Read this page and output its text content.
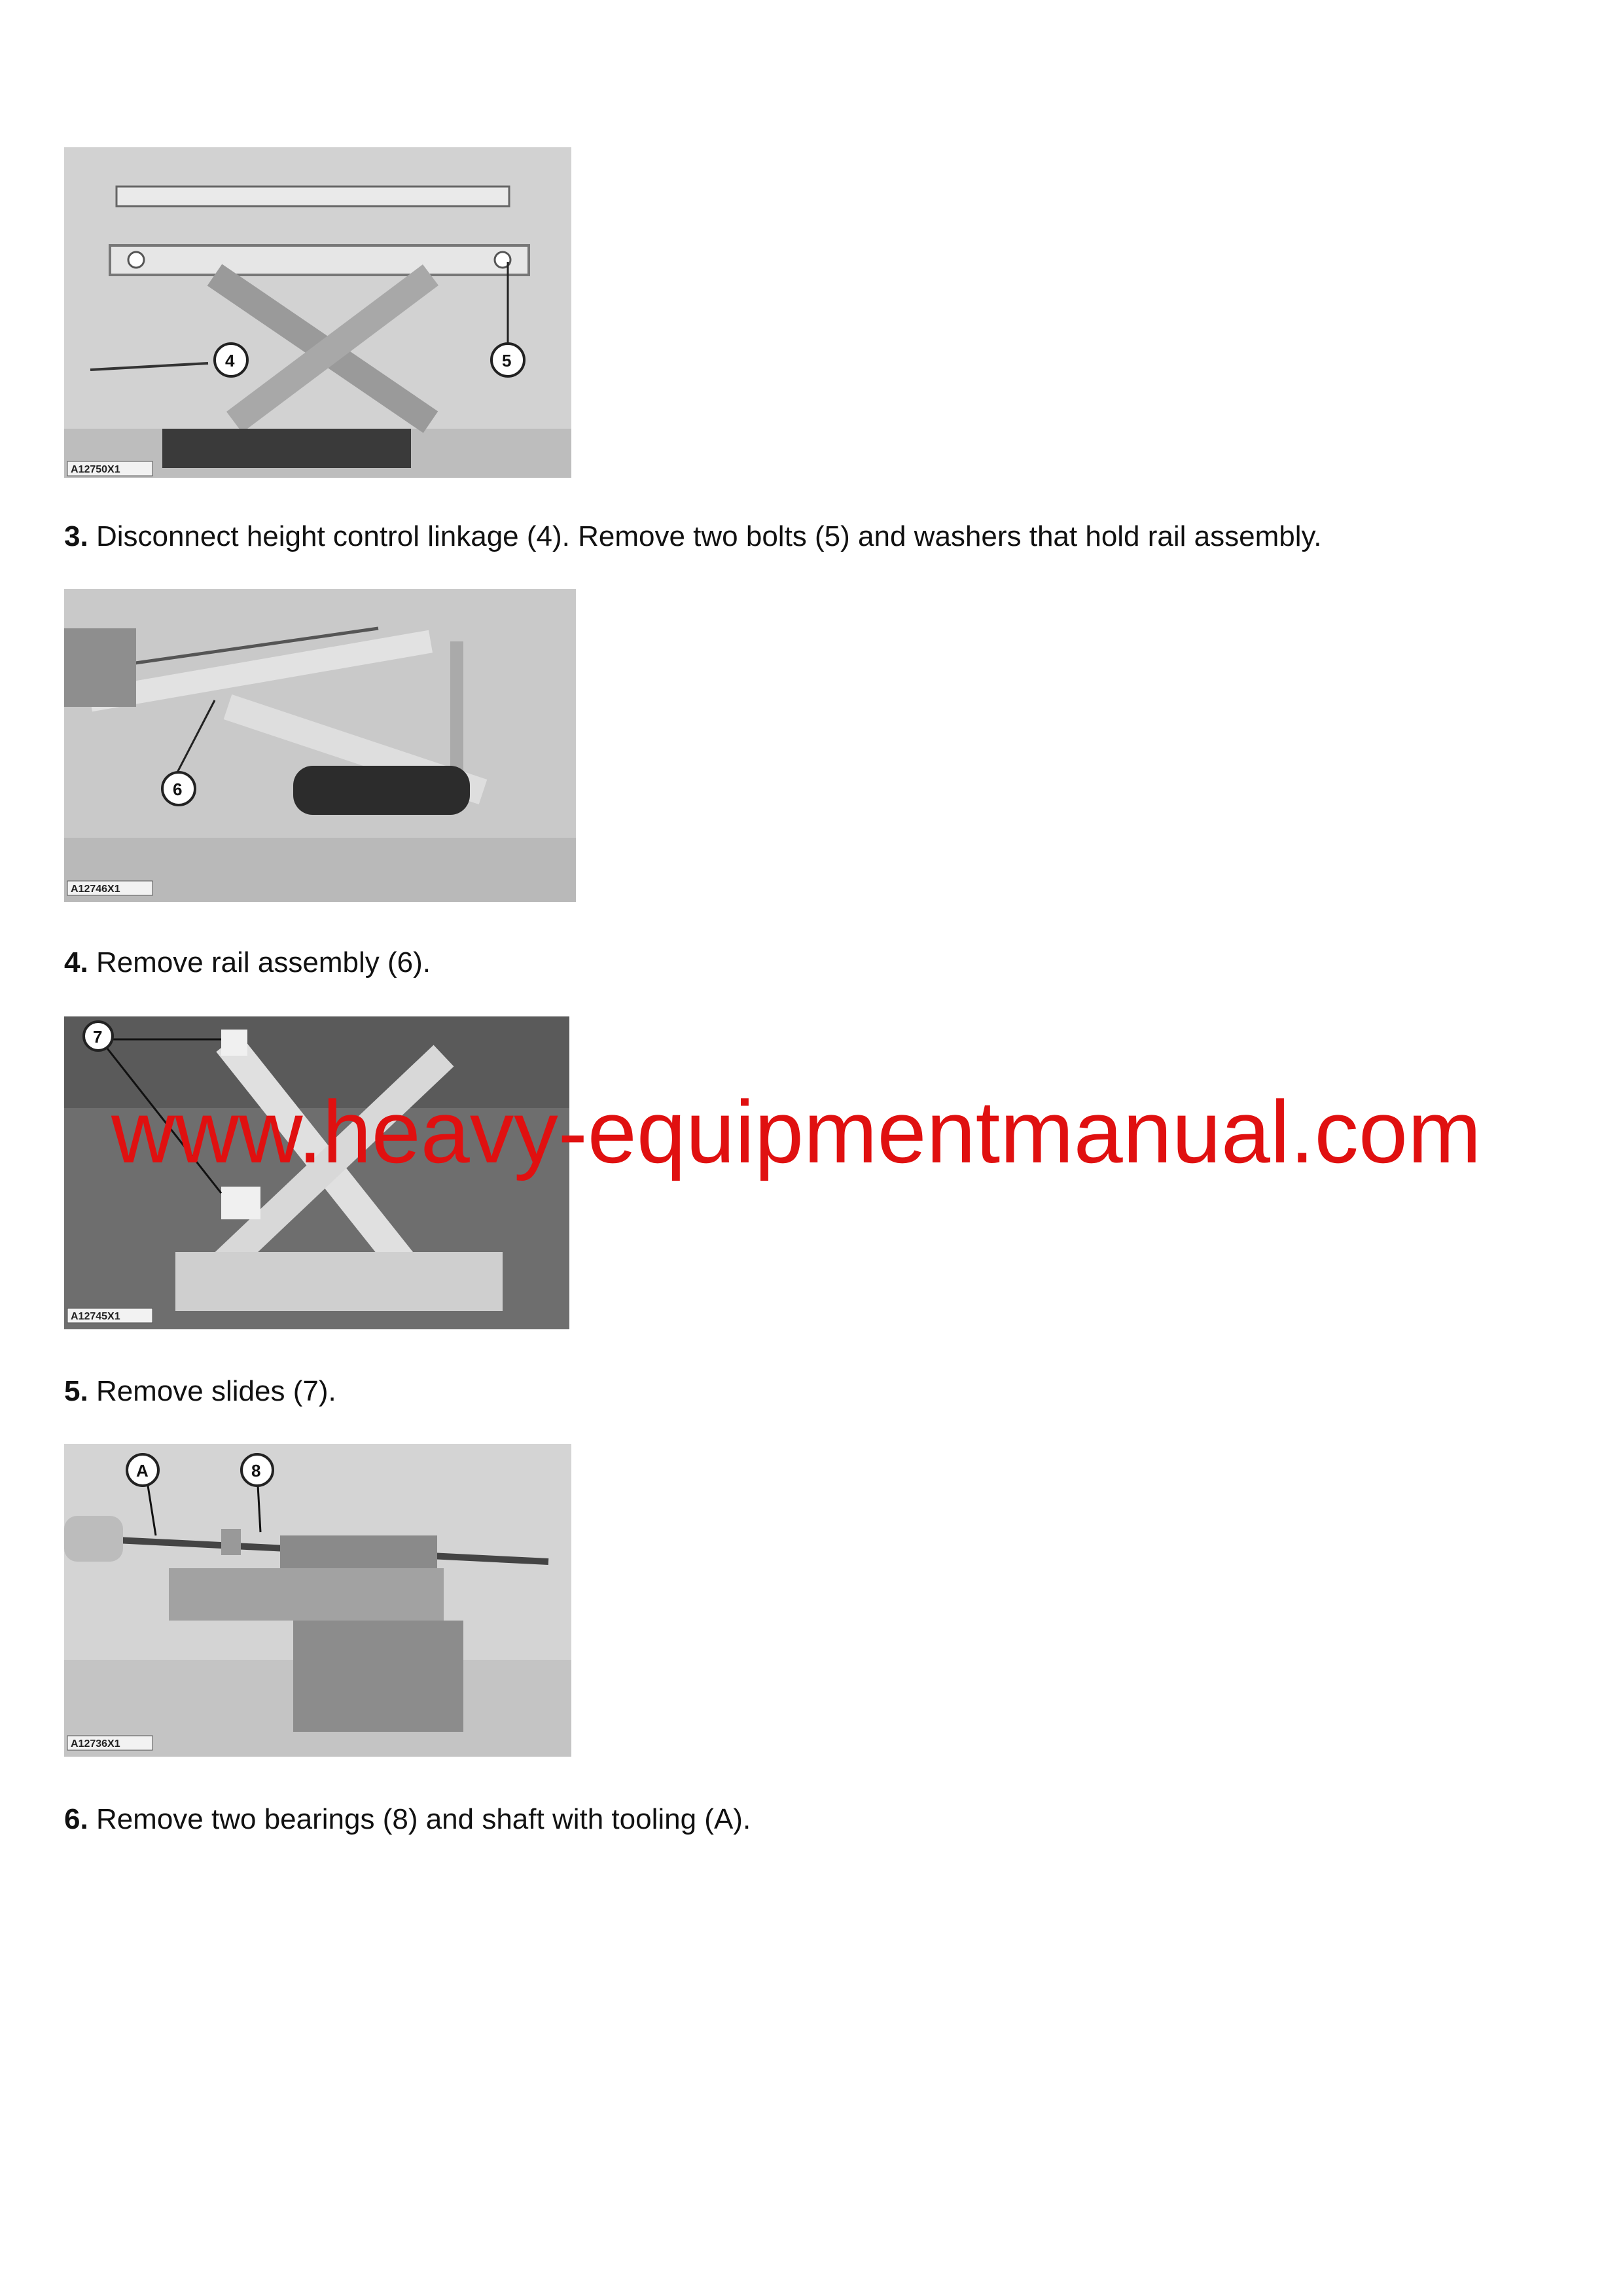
4	5
A12750X1

3. Disconnect height control linkage (4). Remove two bolts (5) and washers that hold rail assembly.

6
A12746X1

4. Remove rail assembly (6).

7
A12745X1

5. Remove slides (7).

A	8
A12736X1

6. Remove two bearings (8) and shaft with tooling (A).

www.heavy-equipmentmanual.com
